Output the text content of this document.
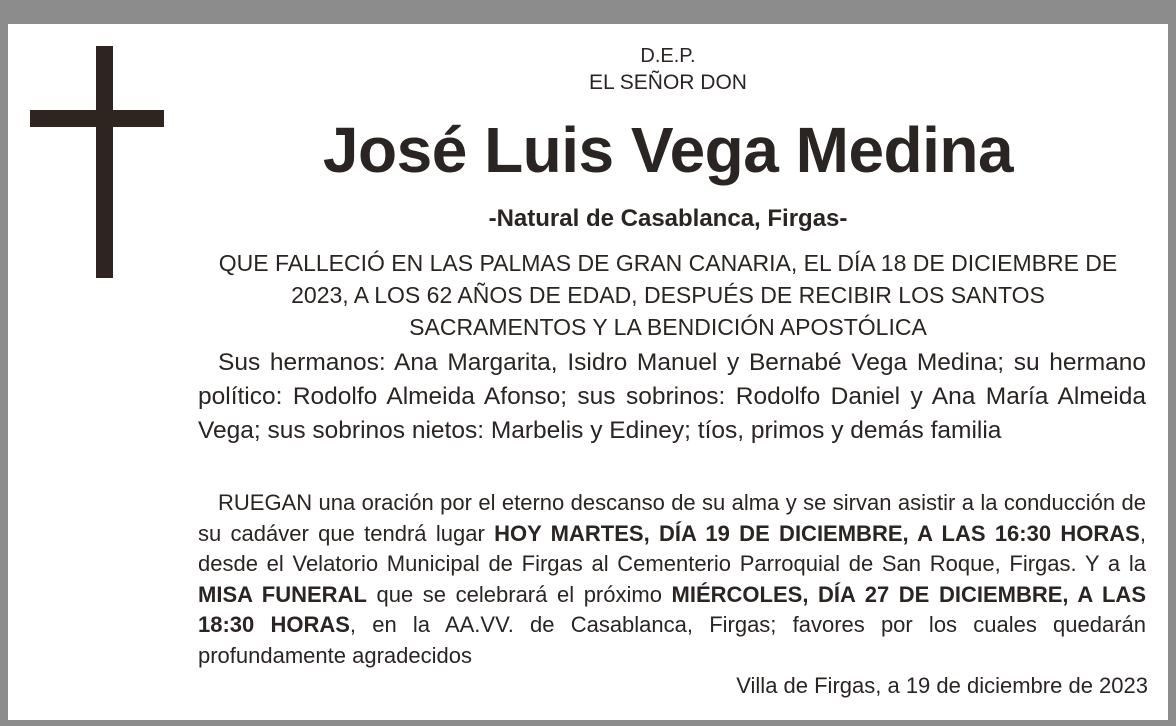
D.E.P.
EL SEÑOR DON
José Luis Vega Medina
-Natural de Casablanca, Firgas-
QUE FALLECIÓ EN LAS PALMAS DE GRAN CANARIA, EL DÍA 18 DE DICIEMBRE DE
2023, A LOS 62 AÑOS DE EDAD, DESPUÉS DE RECIBIR LOS SANTOS
SACRAMENTOS Y LA BENDICIÓN APOSTÓLICA
Sus hermanos: Ana Margarita, Isidro Manuel y Bernabé Vega Medina; su hermano político: Rodolfo Almeida Afonso; sus sobrinos: Rodolfo Daniel y Ana María Almeida Vega; sus sobrinos nietos: Marbelis y Ediney; tíos, primos y demás familia
RUEGAN una oración por el eterno descanso de su alma y se sirvan asistir a la conducción de su cadáver que tendrá lugar HOY MARTES, DÍA 19 DE DICIEMBRE, A LAS 16:30 HORAS, desde el Velatorio Municipal de Firgas al Cementerio Parroquial de San Roque, Firgas. Y a la MISA FUNERAL que se celebrará el próximo MIÉRCOLES, DÍA 27 DE DICIEMBRE, A LAS 18:30 HORAS, en la AA.VV. de Casablanca, Firgas; favores por los cuales quedarán profundamente agradecidos
Villa de Firgas, a 19 de diciembre de 2023
